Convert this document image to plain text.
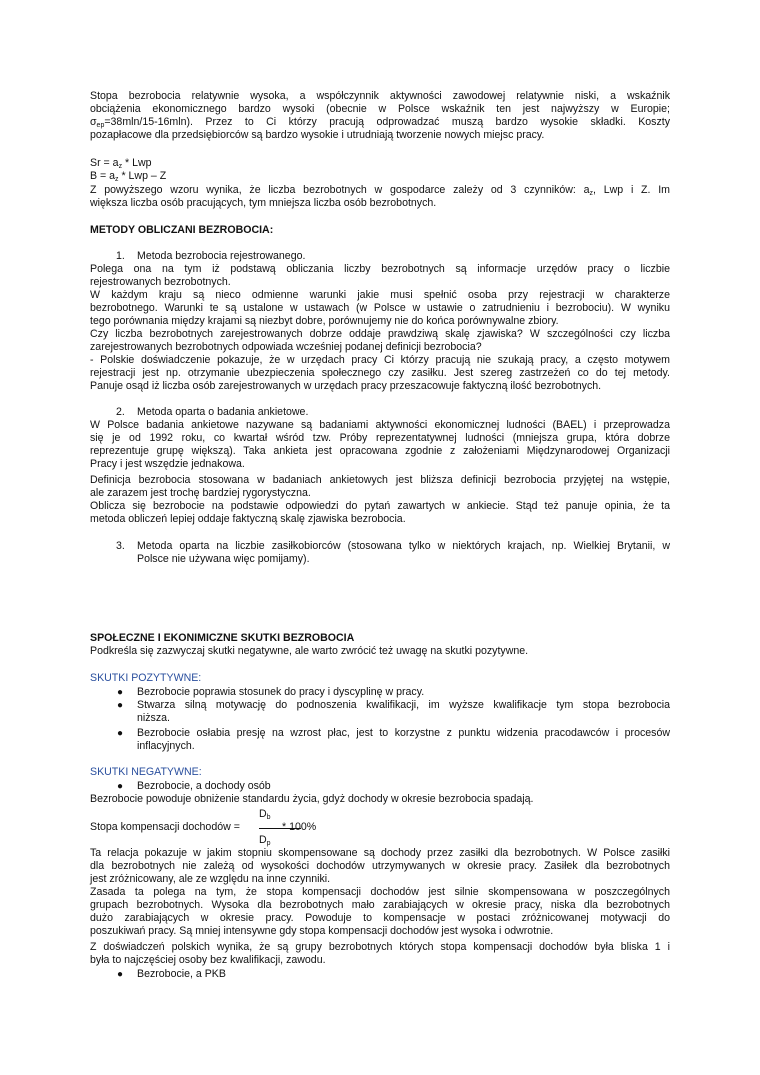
Stopa bezrobocia relatywnie wysoka, a współczynnik aktywności zawodowej relatywnie niski, a wskaźnik
obciążenia ekonomicznego bardzo wysoki (obecnie w Polsce wskaźnik ten jest najwyższy w Europie;
σep=38mln/15-16mln). Przez to Ci którzy pracują odprowadzać muszą bardzo wysokie składki. Koszty
pozapłacowe dla przedsiębiorców są bardzo wysokie i utrudniają tworzenie nowych miejsc pracy.
Sr = az * Lwp
B = az * Lwp – Z
Z powyższego wzoru wynika, że liczba bezrobotnych w gospodarce zależy od 3 czynników: az, Lwp i Z. Im
większa liczba osób pracujących, tym mniejsza liczba osób bezrobotnych.
METODY OBLICZANI BEZROBOCIA:
1. Metoda bezrobocia rejestrowanego.
Polega ona na tym iż podstawą obliczania liczby bezrobotnych są informacje urzędów pracy o liczbie
rejestrowanych bezrobotnych.
W każdym kraju są nieco odmienne warunki jakie musi spełnić osoba przy rejestracji w charakterze
bezrobotnego. Warunki te są ustalone w ustawach (w Polsce w ustawie o zatrudnieniu i bezrobociu). W wyniku
tego porównania między krajami są niezbyt dobre, porównujemy nie do końca porównywalne zbiory.
Czy liczba bezrobotnych zarejestrowanych dobrze oddaje prawdziwą skalę zjawiska? W szczególności czy liczba
zarejestrowanych bezrobotnych odpowiada wcześniej podanej definicji bezrobocia?
- Polskie doświadczenie pokazuje, że w urzędach pracy Ci którzy pracują nie szukają pracy, a często motywem
rejestracji jest np. otrzymanie ubezpieczenia społecznego czy zasiłku. Jest szereg zastrzeżeń co do tej metody.
Panuje osąd iż liczba osób zarejestrowanych w urzędach pracy przeszacowuje faktyczną ilość bezrobotnych.
2. Metoda oparta o badania ankietowe.
W Polsce badania ankietowe nazywane są badaniami aktywności ekonomicznej ludności (BAEL) i przeprowadza
się je od 1992 roku, co kwartał wśród tzw. Próby reprezentatywnej ludności (mniejsza grupa, która dobrze
reprezentuje grupę większą). Taka ankieta jest opracowana zgodnie z założeniami Międzynarodowej Organizacji
Pracy i jest wszędzie jednakowa.
Definicja bezrobocia stosowana w badaniach ankietowych jest bliższa definicji bezrobocia przyjętej na wstępie,
ale zarazem jest trochę bardziej rygorystyczna.
Oblicza się bezrobocie na podstawie odpowiedzi do pytań zawartych w ankiecie. Stąd też panuje opinia, że ta
metoda obliczeń lepiej oddaje faktyczną skalę zjawiska bezrobocia.
3. Metoda oparta na liczbie zasiłkobiorców (stosowana tylko w niektórych krajach, np. Wielkiej Brytanii, w
Polsce nie używana więc pomijamy).
SPOŁECZNE I EKONIMICZNE SKUTKI BEZROBOCIA
Podkreśla się zazwyczaj skutki negatywne, ale warto zwrócić też uwagę na skutki pozytywne.
SKUTKI POZYTYWNE:
● Bezrobocie poprawia stosunek do pracy i dyscyplinę w pracy.
● Stwarza silną motywację do podnoszenia kwalifikacji, im wyższe kwalifikacje tym stopa bezrobocia
niższa.
● Bezrobocie osłabia presję na wzrost płac, jest to korzystne z punktu widzenia pracodawców i procesów
inflacyjnych.
SKUTKI NEGATYWNE:
● Bezrobocie, a dochody osób
Bezrobocie powoduje obniżenie standardu życia, gdyż dochody w okresie bezrobocia spadają.
Db
Stopa kompensacji dochodów =	* 100%
Dp
Ta relacja pokazuje w jakim stopniu skompensowane są dochody przez zasiłki dla bezrobotnych. W Polsce zasiłki
dla bezrobotnych nie zależą od wysokości dochodów utrzymywanych w okresie pracy. Zasiłek dla bezrobotnych
jest zróżnicowany, ale ze względu na inne czynniki.
Zasada ta polega na tym, że stopa kompensacji dochodów jest silnie skompensowana w poszczególnych
grupach bezrobotnych. Wysoka dla bezrobotnych mało zarabiających w okresie pracy, niska dla bezrobotnych
dużo zarabiających w okresie pracy. Powoduje to kompensacje w postaci zróżnicowanej motywacji do
poszukiwań pracy. Są mniej intensywne gdy stopa kompensacji dochodów jest wysoka i odwrotnie.
Z doświadczeń polskich wynika, że są grupy bezrobotnych których stopa kompensacji dochodów była bliska 1 i
była to najczęściej osoby bez kwalifikacji, zawodu.
● Bezrobocie, a PKB
